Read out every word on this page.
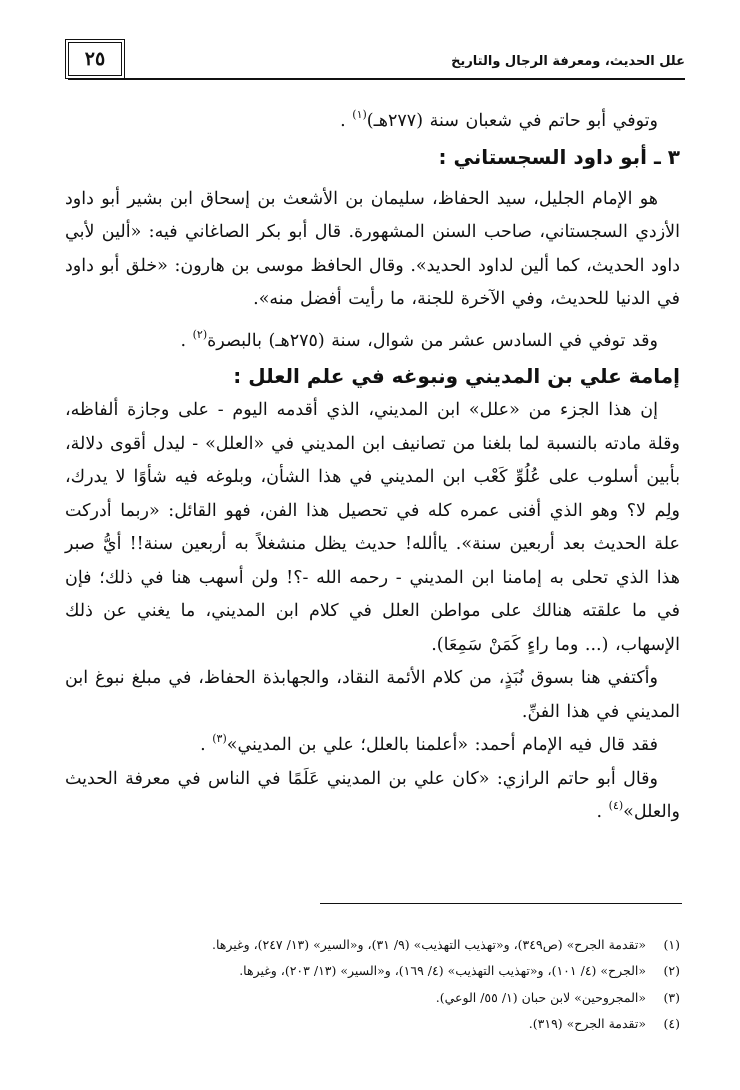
علل الحديث، ومعرفة الرجال والتاريخ
٢٥

وتوفي أبو حاتم في شعبان سنة (٢٧٧هـ)$^{(١)}$ .

٣ ـ أبو داود السجستاني :

هو الإمام الجليل، سيد الحفاظ، سليمان بن الأشعث بن إسحاق ابن بشير أبو داود الأزدي السجستاني، صاحب السنن المشهورة. قال أبو بكر الصاغاني فيه: «ألين لأبي داود الحديث، كما ألين لداود الحديد». وقال الحافظ موسى بن هارون: «خلق أبو داود في الدنيا للحديث، وفي الآخرة للجنة، ما رأيت أفضل منه».

وقد توفي في السادس عشر من شوال، سنة (٢٧٥هـ) بالبصرة$^{(٢)}$ .

إمامة علي بن المديني ونبوغه في علم العلل :

إن هذا الجزء من «علل» ابن المديني، الذي أقدمه اليوم - على وجازة ألفاظه، وقلة مادته بالنسبة لما بلغنا من تصانيف ابن المديني في «العلل» - ليدل أقوى دلالة، بأبين أسلوب على عُلُوِّ كَعْب ابن المديني في هذا الشأن، وبلوغه فيه شأوًا لا يدرك، ولِم لا؟ وهو الذي أفنى عمره كله في تحصيل هذا الفن، فهو القائل: «ربما أدركت علة الحديث بعد أربعين سنة». ياألله! حديث يظل منشغلاً به أربعين سنة!! أيُّ صبر هذا الذي تحلى به إمامنا ابن المديني - رحمه الله -؟! ولن أسهب هنا في ذلك؛ فإن في ما علقته هنالك على مواطن العلل في كلام ابن المديني، ما يغني عن ذلك الإسهاب، (... وما راءٍ كَمَنْ سَمِعَا).

وأكتفي هنا بسوق نُبَذٍ، من كلام الأئمة النقاد، والجهابذة الحفاظ، في مبلغ نبوغ ابن المديني في هذا الفنِّ.

فقد قال فيه الإمام أحمد: «أعلمنا بالعلل؛ علي بن المديني»$^{(٣)}$ .

وقال أبو حاتم الرازي: «كان علي بن المديني عَلَمًا في الناس في معرفة الحديث والعلل»$^{(٤)}$ .

(١)«تقدمة الجرح» (ص٣٤٩)، و«تهذيب التهذيب» (٩/ ٣١)، و«السير» (١٣/ ٢٤٧)، وغيرها.

(٢)«الجرح» (٤/ ١٠١)، و«تهذيب التهذيب» (٤/ ١٦٩)، و«السير» (١٣/ ٢٠٣)، وغيرها.

(٣)«المجروحين» لابن حبان (١/ ٥٥/ الوعي).

(٤)«تقدمة الجرح» (٣١٩).
